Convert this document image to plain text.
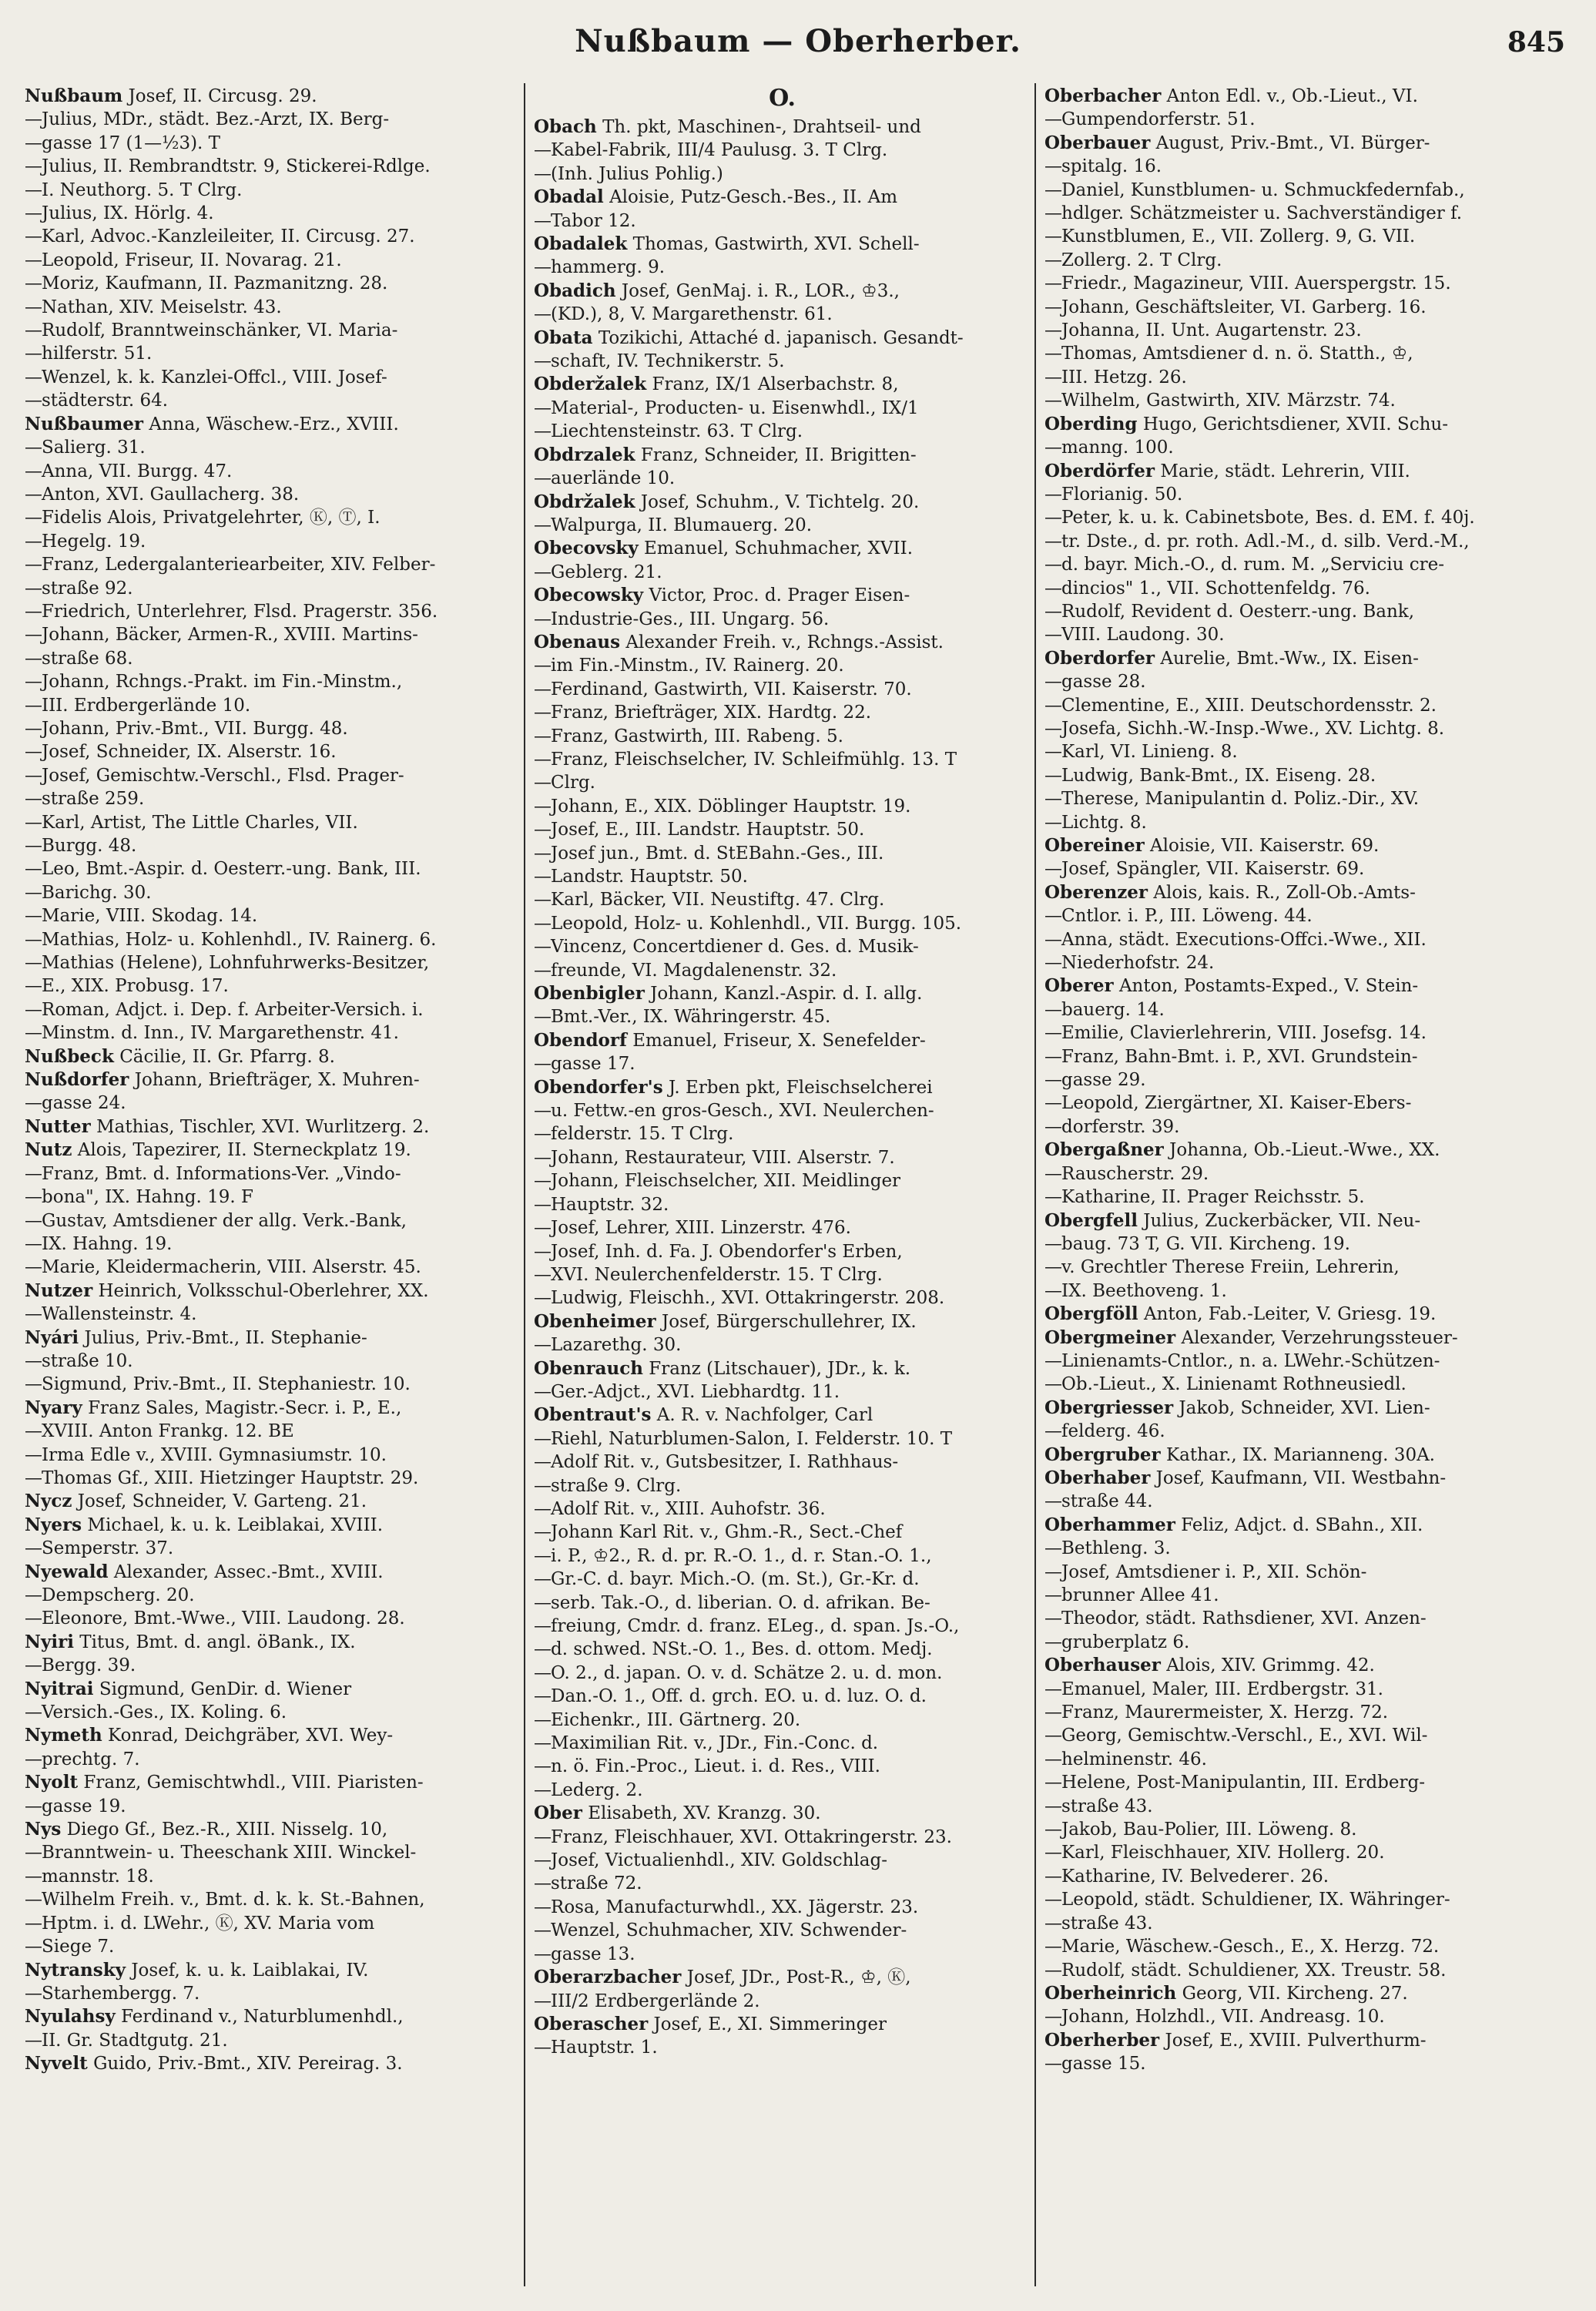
Nußbaum — Oberherber.	845
Nußbaum Josef, II. Circusg. 29.
—Julius, MDr., städt. Bez.-Arzt, IX. Berg-
—gasse 17 (1—½3). T
—Julius, II. Rembrandtstr. 9, Stickerei-Rdlge.
—I. Neuthorg. 5. T Clrg.
—Julius, IX. Hörlg. 4.
—Karl, Advoc.-Kanzleileiter, II. Circusg. 27.
—Leopold, Friseur, II. Novarag. 21.
—Moriz, Kaufmann, II. Pazmanitzng. 28.
—Nathan, XIV. Meiselstr. 43.
—Rudolf, Branntweinschänker, VI. Maria-
—hilferstr. 51.
—Wenzel, k. k. Kanzlei-Offcl., VIII. Josef-
—städterstr. 64.
Nußbaumer Anna, Wäschew.-Erz., XVIII.
—Salierg. 31.
—Anna, VII. Burgg. 47.
—Anton, XVI. Gaullacherg. 38.
—Fidelis Alois, Privatgelehrter, Ⓚ, Ⓣ, I.
—Hegelg. 19.
—Franz, Ledergalanteriearbeiter, XIV. Felber-
—straße 92.
—Friedrich, Unterlehrer, Flsd. Pragerstr. 356.
—Johann, Bäcker, Armen-R., XVIII. Martins-
—straße 68.
—Johann, Rchngs.-Prakt. im Fin.-Minstm.,
—III. Erdbergerlände 10.
—Johann, Priv.-Bmt., VII. Burgg. 48.
—Josef, Schneider, IX. Alserstr. 16.
—Josef, Gemischtw.-Verschl., Flsd. Prager-
—straße 259.
—Karl, Artist, The Little Charles, VII.
—Burgg. 48.
—Leo, Bmt.-Aspir. d. Oesterr.-ung. Bank, III.
—Barichg. 30.
—Marie, VIII. Skodag. 14.
—Mathias, Holz- u. Kohlenhdl., IV. Rainerg. 6.
—Mathias (Helene), Lohnfuhrwerks-Besitzer,
—E., XIX. Probusg. 17.
—Roman, Adjct. i. Dep. f. Arbeiter-Versich. i.
—Minstm. d. Inn., IV. Margarethenstr. 41.
Nußbeck Cäcilie, II. Gr. Pfarrg. 8.
Nußdorfer Johann, Briefträger, X. Muhren-
—gasse 24.
Nutter Mathias, Tischler, XVI. Wurlitzerg. 2.
Nutz Alois, Tapezirer, II. Sterneckplatz 19.
—Franz, Bmt. d. Informations-Ver. „Vindo-
—bona", IX. Hahng. 19. F
—Gustav, Amtsdiener der allg. Verk.-Bank,
—IX. Hahng. 19.
—Marie, Kleidermacherin, VIII. Alserstr. 45.
Nutzer Heinrich, Volksschul-Oberlehrer, XX.
—Wallensteinstr. 4.
Nyári Julius, Priv.-Bmt., II. Stephanie-
—straße 10.
—Sigmund, Priv.-Bmt., II. Stephaniestr. 10.
Nyary Franz Sales, Magistr.-Secr. i. P., E.,
—XVIII. Anton Frankg. 12. BE
—Irma Edle v., XVIII. Gymnasiumstr. 10.
—Thomas Gf., XIII. Hietzinger Hauptstr. 29.
Nycz Josef, Schneider, V. Garteng. 21.
Nyers Michael, k. u. k. Leiblakai, XVIII.
—Semperstr. 37.
Nyewald Alexander, Assec.-Bmt., XVIII.
—Dempscherg. 20.
—Eleonore, Bmt.-Wwe., VIII. Laudong. 28.
Nyiri Titus, Bmt. d. angl. öBank., IX.
—Bergg. 39.
Nyitrai Sigmund, GenDir. d. Wiener
—Versich.-Ges., IX. Koling. 6.
Nymeth Konrad, Deichgräber, XVI. Wey-
—prechtg. 7.
Nyolt Franz, Gemischtwhdl., VIII. Piaristen-
—gasse 19.
Nys Diego Gf., Bez.-R., XIII. Nisselg. 10,
—Branntwein- u. Theeschank XIII. Winckel-
—mannstr. 18.
—Wilhelm Freih. v., Bmt. d. k. k. St.-Bahnen,
—Hptm. i. d. LWehr., Ⓚ, XV. Maria vom
—Siege 7.
Nytransky Josef, k. u. k. Laiblakai, IV.
—Starhembergg. 7.
Nyulahsy Ferdinand v., Naturblumenhdl.,
—II. Gr. Stadtgutg. 21.
Nyvelt Guido, Priv.-Bmt., XIV. Pereirag. 3.
O.
Obach Th. pkt, Maschinen-, Drahtseil- und
—Kabel-Fabrik, III/4 Paulusg. 3. T Clrg.
—(Inh. Julius Pohlig.)
Obadal Aloisie, Putz-Gesch.-Bes., II. Am
—Tabor 12.
Obadalek Thomas, Gastwirth, XVI. Schell-
—hammerg. 9.
Obadich Josef, GenMaj. i. R., LOR., ♔3.,
—(KD.), 8, V. Margarethenstr. 61.
Obata Tozikichi, Attaché d. japanisch. Gesandt-
—schaft, IV. Technikerstr. 5.
Obderžalek Franz, IX/1 Alserbachstr. 8,
—Material-, Producten- u. Eisenwhdl., IX/1
—Liechtensteinstr. 63. T Clrg.
Obdrzalek Franz, Schneider, II. Brigitten-
—auerlände 10.
Obdržalek Josef, Schuhm., V. Tichtelg. 20.
—Walpurga, II. Blumauerg. 20.
Obecovsky Emanuel, Schuhmacher, XVII.
—Geblerg. 21.
Obecowsky Victor, Proc. d. Prager Eisen-
—Industrie-Ges., III. Ungarg. 56.
Obenaus Alexander Freih. v., Rchngs.-Assist.
—im Fin.-Minstm., IV. Rainerg. 20.
—Ferdinand, Gastwirth, VII. Kaiserstr. 70.
—Franz, Briefträger, XIX. Hardtg. 22.
—Franz, Gastwirth, III. Rabeng. 5.
—Franz, Fleischselcher, IV. Schleifmühlg. 13. T
—Clrg.
—Johann, E., XIX. Döblinger Hauptstr. 19.
—Josef, E., III. Landstr. Hauptstr. 50.
—Josef jun., Bmt. d. StEBahn.-Ges., III.
—Landstr. Hauptstr. 50.
—Karl, Bäcker, VII. Neustiftg. 47. Clrg.
—Leopold, Holz- u. Kohlenhdl., VII. Burgg. 105.
—Vincenz, Concertdiener d. Ges. d. Musik-
—freunde, VI. Magdalenenstr. 32.
Obenbigler Johann, Kanzl.-Aspir. d. I. allg.
—Bmt.-Ver., IX. Währingerstr. 45.
Obendorf Emanuel, Friseur, X. Senefelder-
—gasse 17.
Obendorfer's J. Erben pkt, Fleischselcherei
—u. Fettw.-en gros-Gesch., XVI. Neulerchen-
—felderstr. 15. T Clrg.
—Johann, Restaurateur, VIII. Alserstr. 7.
—Johann, Fleischselcher, XII. Meidlinger
—Hauptstr. 32.
—Josef, Lehrer, XIII. Linzerstr. 476.
—Josef, Inh. d. Fa. J. Obendorfer's Erben,
—XVI. Neulerchenfelderstr. 15. T Clrg.
—Ludwig, Fleischh., XVI. Ottakringerstr. 208.
Obenheimer Josef, Bürgerschullehrer, IX.
—Lazarethg. 30.
Obenrauch Franz (Litschauer), JDr., k. k.
—Ger.-Adjct., XVI. Liebhardtg. 11.
Obentraut's A. R. v. Nachfolger, Carl
—Riehl, Naturblumen-Salon, I. Felderstr. 10. T
—Adolf Rit. v., Gutsbesitzer, I. Rathhaus-
—straße 9. Clrg.
—Adolf Rit. v., XIII. Auhofstr. 36.
—Johann Karl Rit. v., Ghm.-R., Sect.-Chef
—i. P., ♔2., R. d. pr. R.-O. 1., d. r. Stan.-O. 1.,
—Gr.-C. d. bayr. Mich.-O. (m. St.), Gr.-Kr. d.
—serb. Tak.-O., d. liberian. O. d. afrikan. Be-
—freiung, Cmdr. d. franz. ELeg., d. span. Js.-O.,
—d. schwed. NSt.-O. 1., Bes. d. ottom. Medj.
—O. 2., d. japan. O. v. d. Schätze 2. u. d. mon.
—Dan.-O. 1., Off. d. grch. EO. u. d. luz. O. d.
—Eichenkr., III. Gärtnerg. 20.
—Maximilian Rit. v., JDr., Fin.-Conc. d.
—n. ö. Fin.-Proc., Lieut. i. d. Res., VIII.
—Lederg. 2.
Ober Elisabeth, XV. Kranzg. 30.
—Franz, Fleischhauer, XVI. Ottakringerstr. 23.
—Josef, Victualienhdl., XIV. Goldschlag-
—straße 72.
—Rosa, Manufacturwhdl., XX. Jägerstr. 23.
—Wenzel, Schuhmacher, XIV. Schwender-
—gasse 13.
Oberarzbacher Josef, JDr., Post-R., ♔, Ⓚ,
—III/2 Erdbergerlände 2.
Oberascher Josef, E., XI. Simmeringer
—Hauptstr. 1.
Oberbacher Anton Edl. v., Ob.-Lieut., VI.
—Gumpendorferstr. 51.
Oberbauer August, Priv.-Bmt., VI. Bürger-
—spitalg. 16.
—Daniel, Kunstblumen- u. Schmuckfedernfab.,
—hdlger. Schätzmeister u. Sachverständiger f.
—Kunstblumen, E., VII. Zollerg. 9, G. VII.
—Zollerg. 2. T Clrg.
—Friedr., Magazineur, VIII. Auerspergstr. 15.
—Johann, Geschäftsleiter, VI. Garberg. 16.
—Johanna, II. Unt. Augartenstr. 23.
—Thomas, Amtsdiener d. n. ö. Statth., ♔,
—III. Hetzg. 26.
—Wilhelm, Gastwirth, XIV. Märzstr. 74.
Oberding Hugo, Gerichtsdiener, XVII. Schu-
—manng. 100.
Oberdörfer Marie, städt. Lehrerin, VIII.
—Florianig. 50.
—Peter, k. u. k. Cabinetsbote, Bes. d. EM. f. 40j.
—tr. Dste., d. pr. roth. Adl.-M., d. silb. Verd.-M.,
—d. bayr. Mich.-O., d. rum. M. „Serviciu cre-
—dincios" 1., VII. Schottenfeldg. 76.
—Rudolf, Revident d. Oesterr.-ung. Bank,
—VIII. Laudong. 30.
Oberdorfer Aurelie, Bmt.-Ww., IX. Eisen-
—gasse 28.
—Clementine, E., XIII. Deutschordensstr. 2.
—Josefa, Sichh.-W.-Insp.-Wwe., XV. Lichtg. 8.
—Karl, VI. Linieng. 8.
—Ludwig, Bank-Bmt., IX. Eiseng. 28.
—Therese, Manipulantin d. Poliz.-Dir., XV.
—Lichtg. 8.
Obereiner Aloisie, VII. Kaiserstr. 69.
—Josef, Spängler, VII. Kaiserstr. 69.
Oberenzer Alois, kais. R., Zoll-Ob.-Amts-
—Cntlor. i. P., III. Löweng. 44.
—Anna, städt. Executions-Offci.-Wwe., XII.
—Niederhofstr. 24.
Oberer Anton, Postamts-Exped., V. Stein-
—bauerg. 14.
—Emilie, Clavierlehrerin, VIII. Josefsg. 14.
—Franz, Bahn-Bmt. i. P., XVI. Grundstein-
—gasse 29.
—Leopold, Ziergärtner, XI. Kaiser-Ebers-
—dorferstr. 39.
Obergaßner Johanna, Ob.-Lieut.-Wwe., XX.
—Rauscherstr. 29.
—Katharine, II. Prager Reichsstr. 5.
Obergfell Julius, Zuckerbäcker, VII. Neu-
—baug. 73 T, G. VII. Kircheng. 19.
—v. Grechtler Therese Freiin, Lehrerin,
—IX. Beethoveng. 1.
Obergföll Anton, Fab.-Leiter, V. Griesg. 19.
Obergmeiner Alexander, Verzehrungssteuer-
—Linienamts-Cntlor., n. a. LWehr.-Schützen-
—Ob.-Lieut., X. Linienamt Rothneusiedl.
Obergriesser Jakob, Schneider, XVI. Lien-
—felderg. 46.
Obergruber Kathar., IX. Marianneng. 30A.
Oberhaber Josef, Kaufmann, VII. Westbahn-
—straße 44.
Oberhammer Feliz, Adjct. d. SBahn., XII.
—Bethleng. 3.
—Josef, Amtsdiener i. P., XII. Schön-
—brunner Allee 41.
—Theodor, städt. Rathsdiener, XVI. Anzen-
—gruberplatz 6.
Oberhauser Alois, XIV. Grimmg. 42.
—Emanuel, Maler, III. Erdbergstr. 31.
—Franz, Maurermeister, X. Herzg. 72.
—Georg, Gemischtw.-Verschl., E., XVI. Wil-
—helminenstr. 46.
—Helene, Post-Manipulantin, III. Erdberg-
—straße 43.
—Jakob, Bau-Polier, III. Löweng. 8.
—Karl, Fleischhauer, XIV. Hollerg. 20.
—Katharine, IV. Belvederег. 26.
—Leopold, städt. Schuldiener, IX. Währinger-
—straße 43.
—Marie, Wäschew.-Gesch., E., X. Herzg. 72.
—Rudolf, städt. Schuldiener, XX. Treustr. 58.
Oberheinrich Georg, VII. Kircheng. 27.
—Johann, Holzhdl., VII. Andreasg. 10.
Oberherber Josef, E., XVIII. Pulverthurm-
—gasse 15.
